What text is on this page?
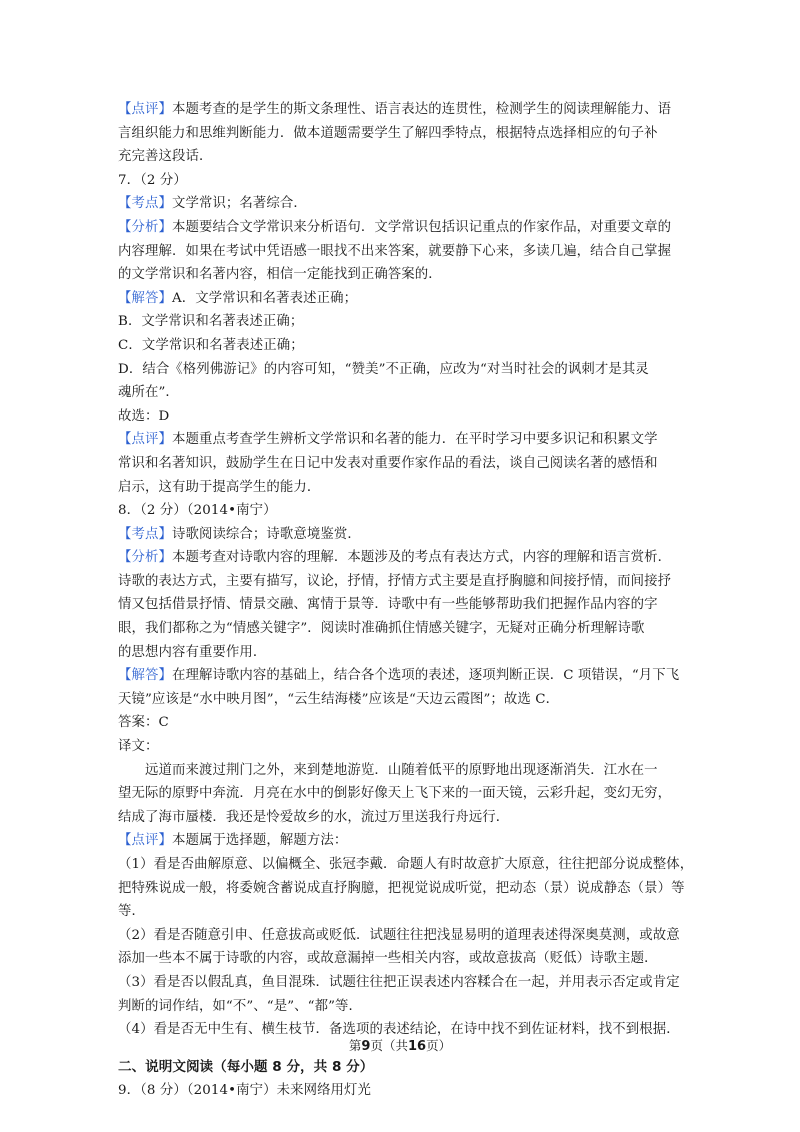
【点评】本题考查的是学生的斯文条理性、语言表达的连贯性，检测学生的阅读理解能力、语
言组织能力和思维判断能力．做本道题需要学生了解四季特点，根据特点选择相应的句子补
充完善这段话．
7．（2 分）
【考点】文学常识；名著综合．
【分析】本题要结合文学常识来分析语句．文学常识包括识记重点的作家作品，对重要文章的
内容理解．如果在考试中凭语感一眼找不出来答案，就要静下心来，多读几遍，结合自己掌握
的文学常识和名著内容，相信一定能找到正确答案的．
【解答】A．文学常识和名著表述正确；
B．文学常识和名著表述正确；
C．文学常识和名著表述正确；
D．结合《格列佛游记》的内容可知，“赞美”不正确，应改为“对当时社会的讽刺才是其灵
魂所在”．
故选：D
【点评】本题重点考查学生辨析文学常识和名著的能力．在平时学习中要多识记和积累文学
常识和名著知识，鼓励学生在日记中发表对重要作家作品的看法，谈自己阅读名著的感悟和
启示，这有助于提高学生的能力．
8．（2 分）（2014•南宁）
【考点】诗歌阅读综合；诗歌意境鉴赏．
【分析】本题考查对诗歌内容的理解．本题涉及的考点有表达方式，内容的理解和语言赏析．
诗歌的表达方式，主要有描写，议论，抒情，抒情方式主要是直抒胸臆和间接抒情，而间接抒
情又包括借景抒情、情景交融、寓情于景等．诗歌中有一些能够帮助我们把握作品内容的字
眼，我们都称之为“情感关键字”．阅读时准确抓住情感关键字，无疑对正确分析理解诗歌
的思想内容有重要作用．
【解答】在理解诗歌内容的基础上，结合各个选项的表述，逐项判断正误．C 项错误，“月下飞
天镜”应该是“水中映月图”，“云生结海楼”应该是“天边云霞图”；故选 C．
答案：C
译文：
远道而来渡过荆门之外，来到楚地游览．山随着低平的原野地出现逐渐消失．江水在一
望无际的原野中奔流．月亮在水中的倒影好像天上飞下来的一面天镜，云彩升起，变幻无穷，
结成了海市蜃楼．我还是怜爱故乡的水，流过万里送我行舟远行．
【点评】本题属于选择题，解题方法：
（1）看是否曲解原意、以偏概全、张冠李戴．命题人有时故意扩大原意，往往把部分说成整体，
把特殊说成一般，将委婉含蓄说成直抒胸臆，把视觉说成听觉，把动态（景）说成静态（景）等
等．
（2）看是否随意引申、任意拔高或贬低．试题往往把浅显易明的道理表述得深奥莫测，或故意
添加一些本不属于诗歌的内容，或故意漏掉一些相关内容，或故意拔高（贬低）诗歌主题．
（3）看是否以假乱真，鱼目混珠．试题往往把正误表述内容糅合在一起，并用表示否定或肯定
判断的词作结，如“不”、“是”、“都”等．
（4）看是否无中生有、横生枝节．备选项的表述结论，在诗中找不到佐证材料，找不到根据．
二、说明文阅读（每小题 8 分，共 8 分）
9．（8 分）（2014•南宁）未来网络用灯光
第9页（共16页）
